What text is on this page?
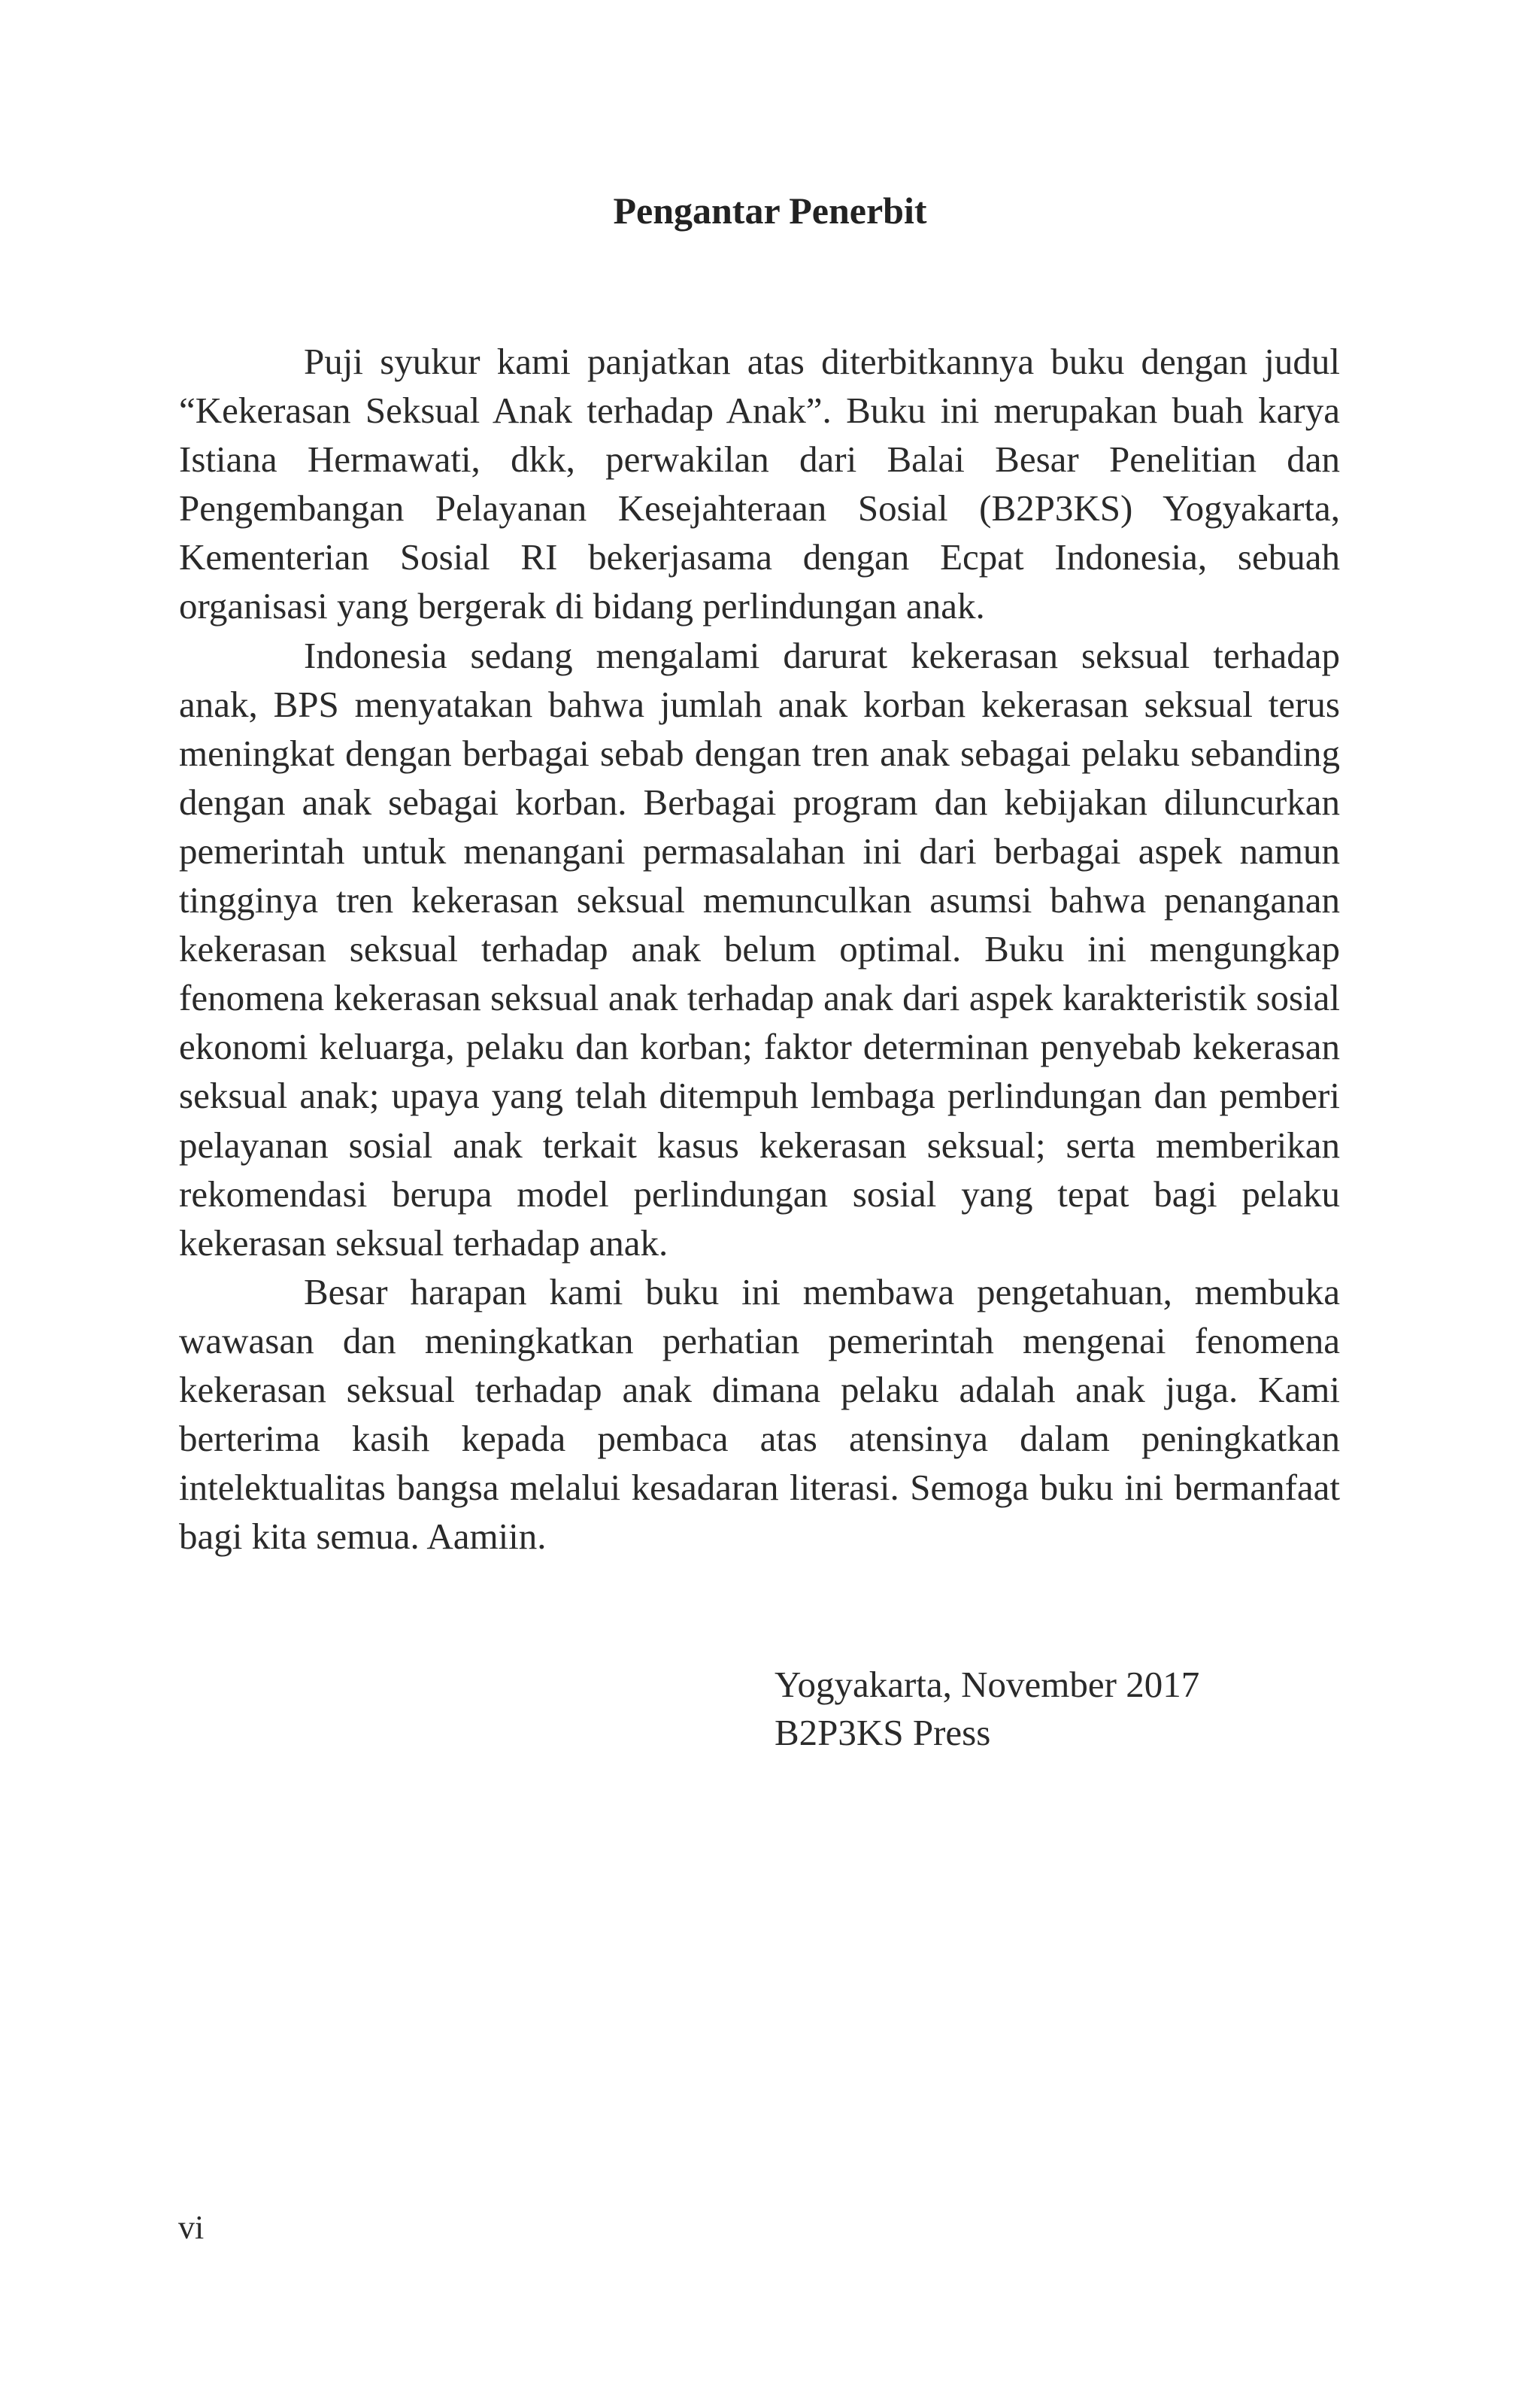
Pengantar Penerbit

Puji syukur kami panjatkan atas diterbitkannya buku dengan judul “Kekerasan Seksual Anak terhadap Anak”. Buku ini merupakan buah karya Istiana Hermawati, dkk, perwakilan dari Balai Besar Penelitian dan Pengembangan Pelayanan Kesejahteraan Sosial (B2P3KS) Yogyakarta, Kementerian Sosial RI bekerjasama dengan Ecpat Indonesia, sebuah organisasi yang bergerak di bidang perlindungan anak.

Indonesia sedang mengalami darurat kekerasan seksual terhadap anak, BPS menyatakan bahwa jumlah anak korban kekerasan seksual terus meningkat dengan berbagai sebab dengan tren anak sebagai pelaku sebanding dengan anak sebagai korban. Berbagai program dan kebijakan diluncurkan pemerintah untuk menangani permasalahan ini dari berbagai aspek namun tingginya tren kekerasan seksual memunculkan asumsi bahwa penanganan kekerasan seksual terhadap anak belum optimal. Buku ini mengungkap fenomena kekerasan seksual anak terhadap anak dari aspek karakteristik sosial ekonomi keluarga, pelaku dan korban; faktor determinan penyebab kekerasan seksual anak; upaya yang telah ditempuh lembaga perlindungan dan pemberi pelayanan sosial anak terkait kasus kekerasan seksual; serta memberikan rekomendasi berupa model perlindungan sosial yang tepat bagi pelaku kekerasan seksual terhadap anak.

Besar harapan kami buku ini membawa pengetahuan, membuka wawasan dan meningkatkan perhatian pemerintah mengenai fenomena kekerasan seksual terhadap anak dimana pelaku adalah anak juga. Kami berterima kasih kepada pembaca atas atensinya dalam peningkatkan intelektualitas bangsa melalui kesadaran literasi. Semoga buku ini bermanfaat bagi kita semua. Aamiin.

Yogyakarta, November 2017
B2P3KS Press
vi
